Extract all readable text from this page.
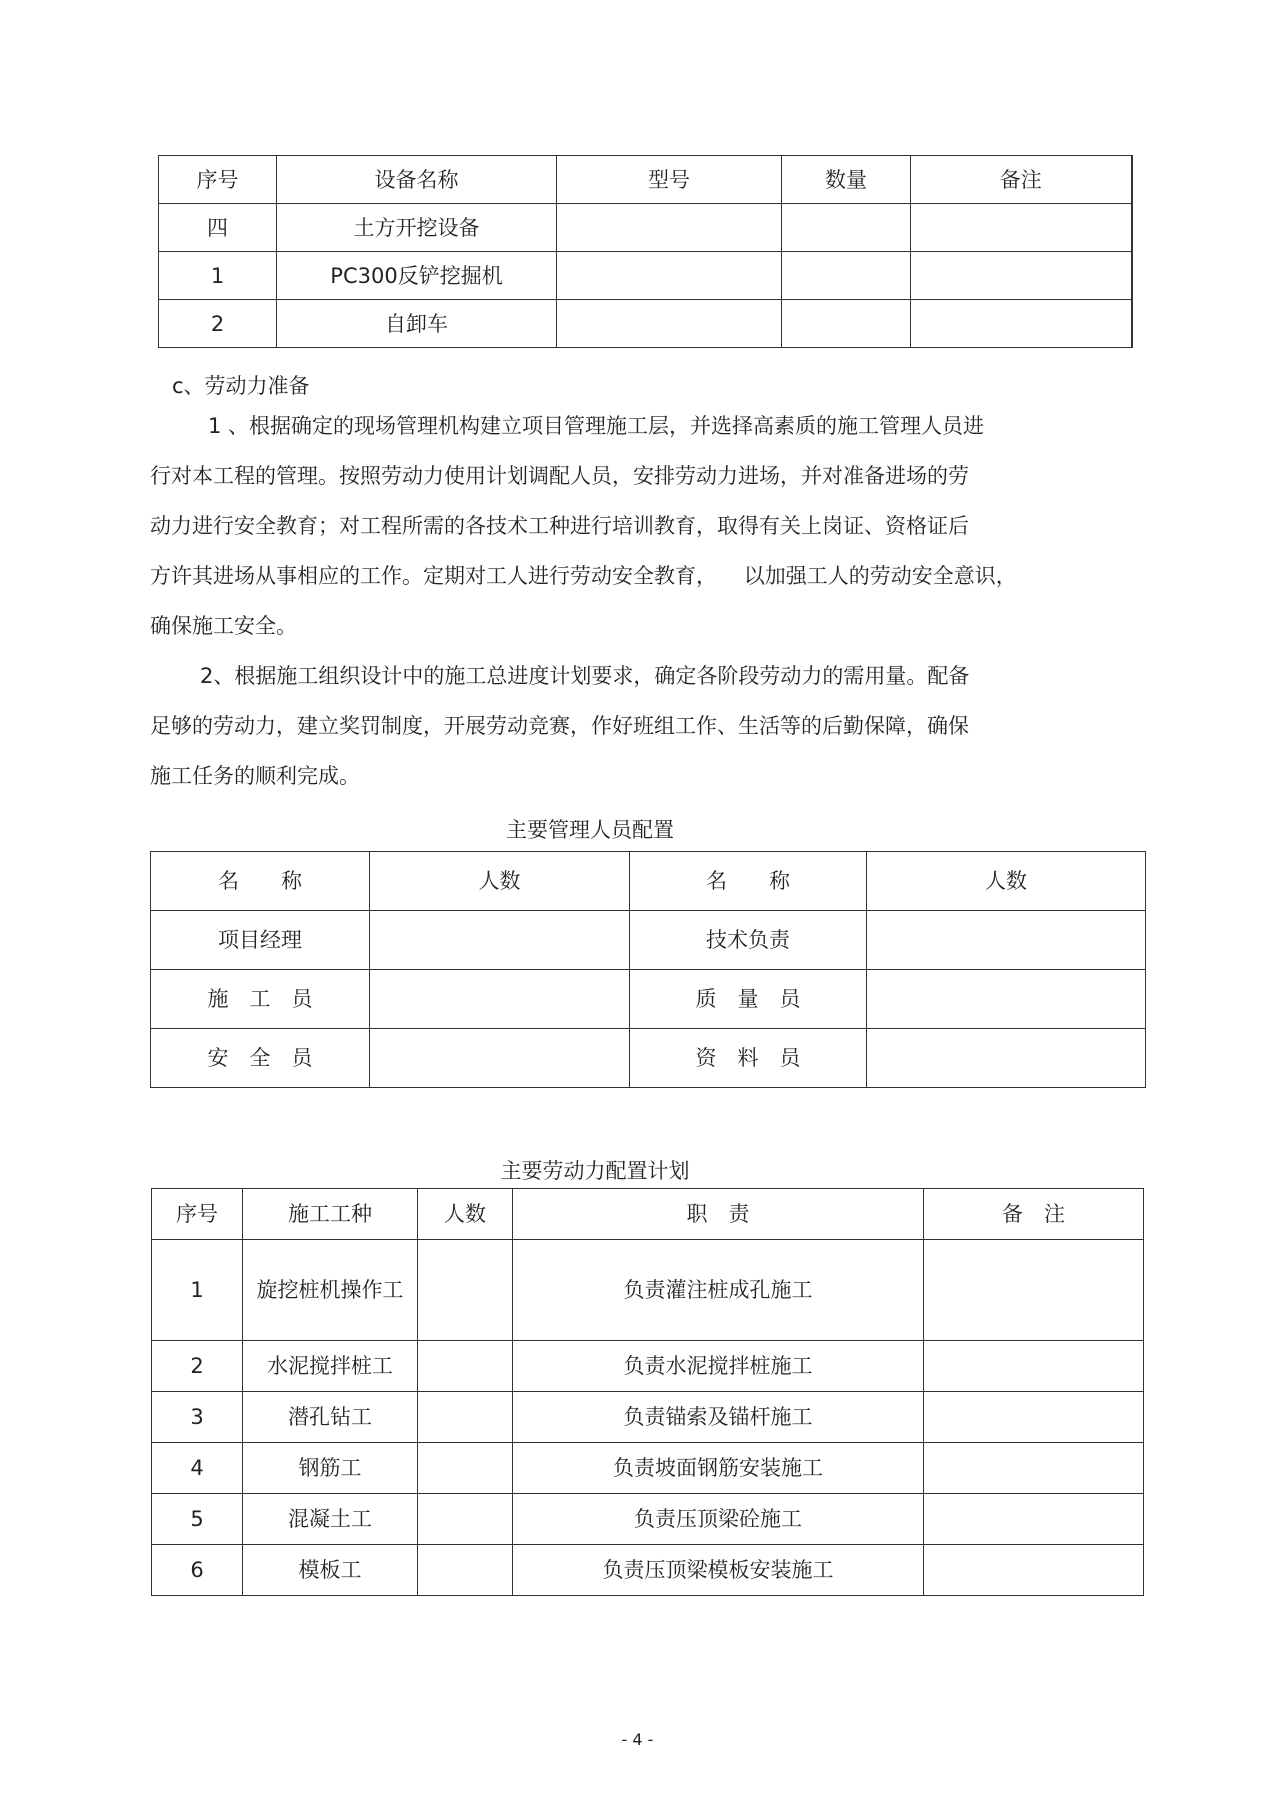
序号	设备名称	型号	数量	备注
四	土方开挖设备			
1	PC300反铲挖掘机			
2	自卸车			
c、劳动力准备
1 、根据确定的现场管理机构建立项目管理施工层，并选择高素质的施工管理人员进
行对本工程的管理。按照劳动力使用计划调配人员，安排劳动力进场，并对准备进场的劳
动力进行安全教育；对工程所需的各技术工种进行培训教育，取得有关上岗证、资格证后
方许其进场从事相应的工作。定期对工人进行劳动安全教育，    以加强工人的劳动安全意识，
确保施工安全。
2、根据施工组织设计中的施工总进度计划要求，确定各阶段劳动力的需用量。配备
足够的劳动力，建立奖罚制度，开展劳动竞赛，作好班组工作、生活等的后勤保障，确保
施工任务的顺利完成。
主要管理人员配置
名　　称	人数	名　　称	人数
项目经理		技术负责	
施　工　员		质　量　员	
安　全　员		资　料　员	
主要劳动力配置计划
序号	施工工种	人数	职　责	备　注
1	旋挖桩机操作工		负责灌注桩成孔施工	
2	水泥搅拌桩工		负责水泥搅拌桩施工	
3	潜孔钻工		负责锚索及锚杆施工	
4	钢筋工		负责坡面钢筋安装施工	
5	混凝土工		负责压顶梁砼施工	
6	模板工		负责压顶梁模板安装施工	
- 4 -
